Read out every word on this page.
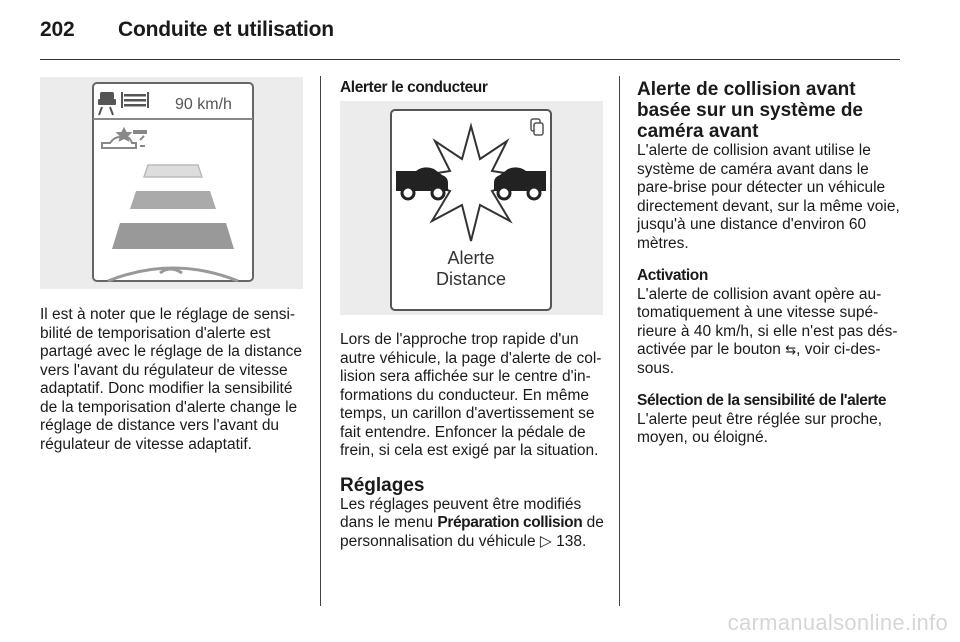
202 Conduite et utilisation
90 km/h

Il est à noter que le réglage de sensibilité de temporisation d'alerte est partagé avec le réglage de la distance vers l'avant du régulateur de vitesse adaptatif. Donc modifier la sensibilité de la temporisation d'alerte change le réglage de distance vers l'avant du régulateur de vitesse adaptatif.

Alerter le conducteur

Alerte
Distance

Lors de l'approche trop rapide d'un autre véhicule, la page d'alerte de collision sera affichée sur le centre d'informations du conducteur. En même temps, un carillon d'avertissement se fait entendre. Enfoncer la pédale de frein, si cela est exigé par la situation.

Réglages

Les réglages peuvent être modifiés dans le menu Préparation collision de personnalisation du véhicule ▷ 138.

Alerte de collision avant basée sur un système de caméra avant

L'alerte de collision avant utilise le système de caméra avant dans le pare-brise pour détecter un véhicule directement devant, sur la même voie, jusqu'à une distance d'environ 60 mètres.

Activation

L'alerte de collision avant opère automatiquement à une vitesse supérieure à 40 km/h, si elle n'est pas désactivée par le bouton ⇆, voir ci-dessous.

Sélection de la sensibilité de l'alerte

L'alerte peut être réglée sur proche, moyen, ou éloigné.

carmanualsonline.info
